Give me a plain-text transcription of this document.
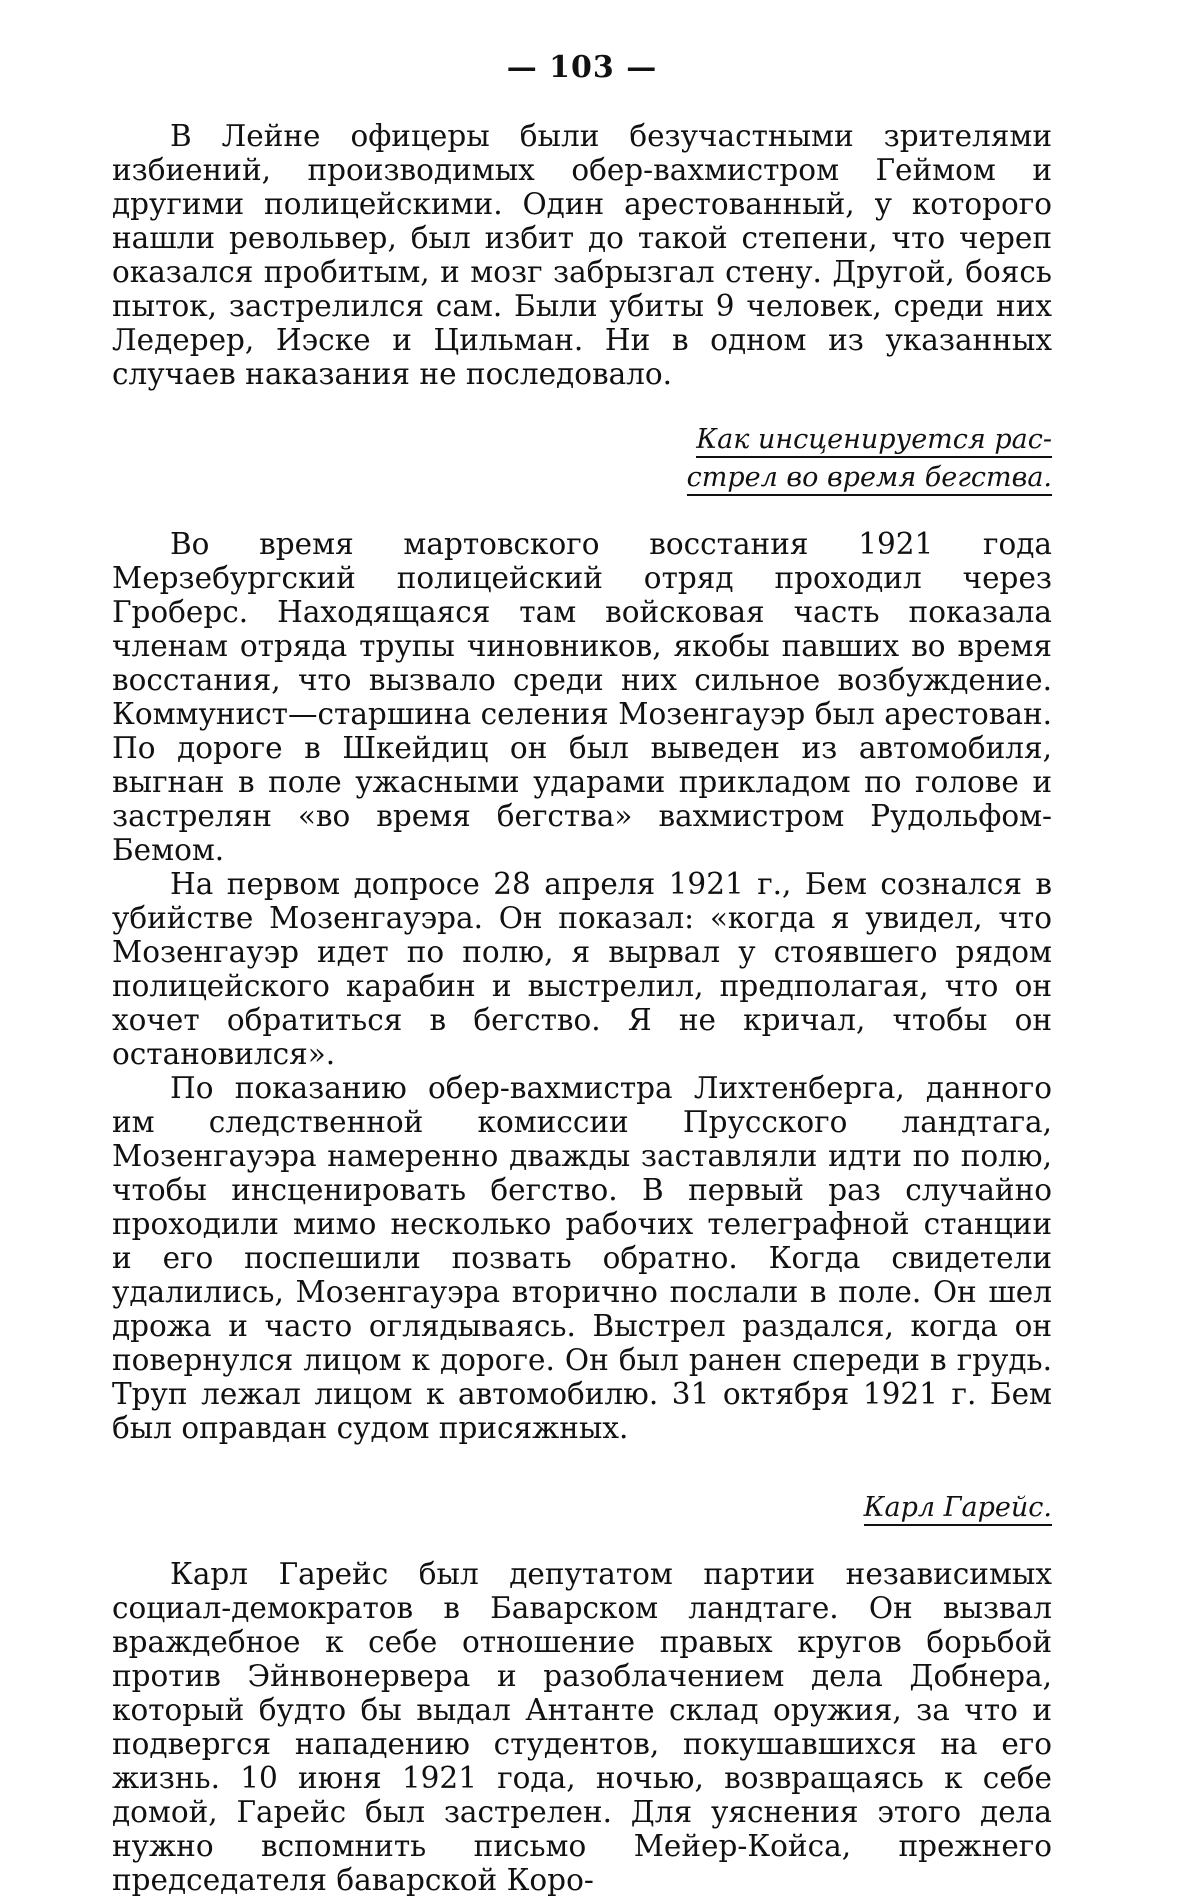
— 103 —

В Лейне офицеры были безучастными зрителями избиений, производимых обер-вахмистром Геймом и другими полицейскими. Один арестованный, у которого нашли револьвер, был избит до такой степени, что череп оказался пробитым, и мозг забрызгал стену. Другой, боясь пыток, застрелился сам. Были убиты 9 человек, среди них Ледерер, Иэске и Цильман. Ни в одном из указанных случаев наказания не последовало.

Как инсценируется рас-
стрел во время бегства.

Во время мартовского восстания 1921 года Мерзебургский полицейский отряд проходил через Гроберс. Находящаяся там войсковая часть показала членам отряда трупы чиновников, якобы павших во время восстания, что вызвало среди них сильное возбуждение. Коммунист—старшина селения Мозенгауэр был арестован. По дороге в Шкейдиц он был выведен из автомобиля, выгнан в поле ужасными ударами прикладом по голове и застрелян «во время бегства» вахмистром Рудольфом-Бемом.

На первом допросе 28 апреля 1921 г., Бем сознался в убийстве Мозенгауэра. Он показал: «когда я увидел, что Мозенгауэр идет по полю, я вырвал у стоявшего рядом полицейского карабин и выстрелил, предполагая, что он хочет обратиться в бегство. Я не кричал, чтобы он остановился».

По показанию обер-вахмистра Лихтенберга, данного им следственной комиссии Прусского ландтага, Мозенгауэра намеренно дважды заставляли идти по полю, чтобы инсценировать бегство. В первый раз случайно проходили мимо несколько рабочих телеграфной станции и его поспешили позвать обратно. Когда свидетели удалились, Мозенгауэра вторично послали в поле. Он шел дрожа и часто оглядываясь. Выстрел раздался, когда он повернулся лицом к дороге. Он был ранен спереди в грудь. Труп лежал лицом к автомобилю. 31 октября 1921 г. Бем был оправдан судом присяжных.

Карл Гарейс.

Карл Гарейс был депутатом партии независимых социал-демократов в Баварском ландтаге. Он вызвал враждебное к себе отношение правых кругов борьбой против Эйнвонервера и разоблачением дела Добнера, который будто бы выдал Антанте склад оружия, за что и подвергся нападению студентов, покушавшихся на его жизнь. 10 июня 1921 года, ночью, возвращаясь к себе домой, Гарейс был застрелен. Для уяснения этого дела нужно вспомнить письмо Мейер-Койса, прежнего председателя баварской Коро-
